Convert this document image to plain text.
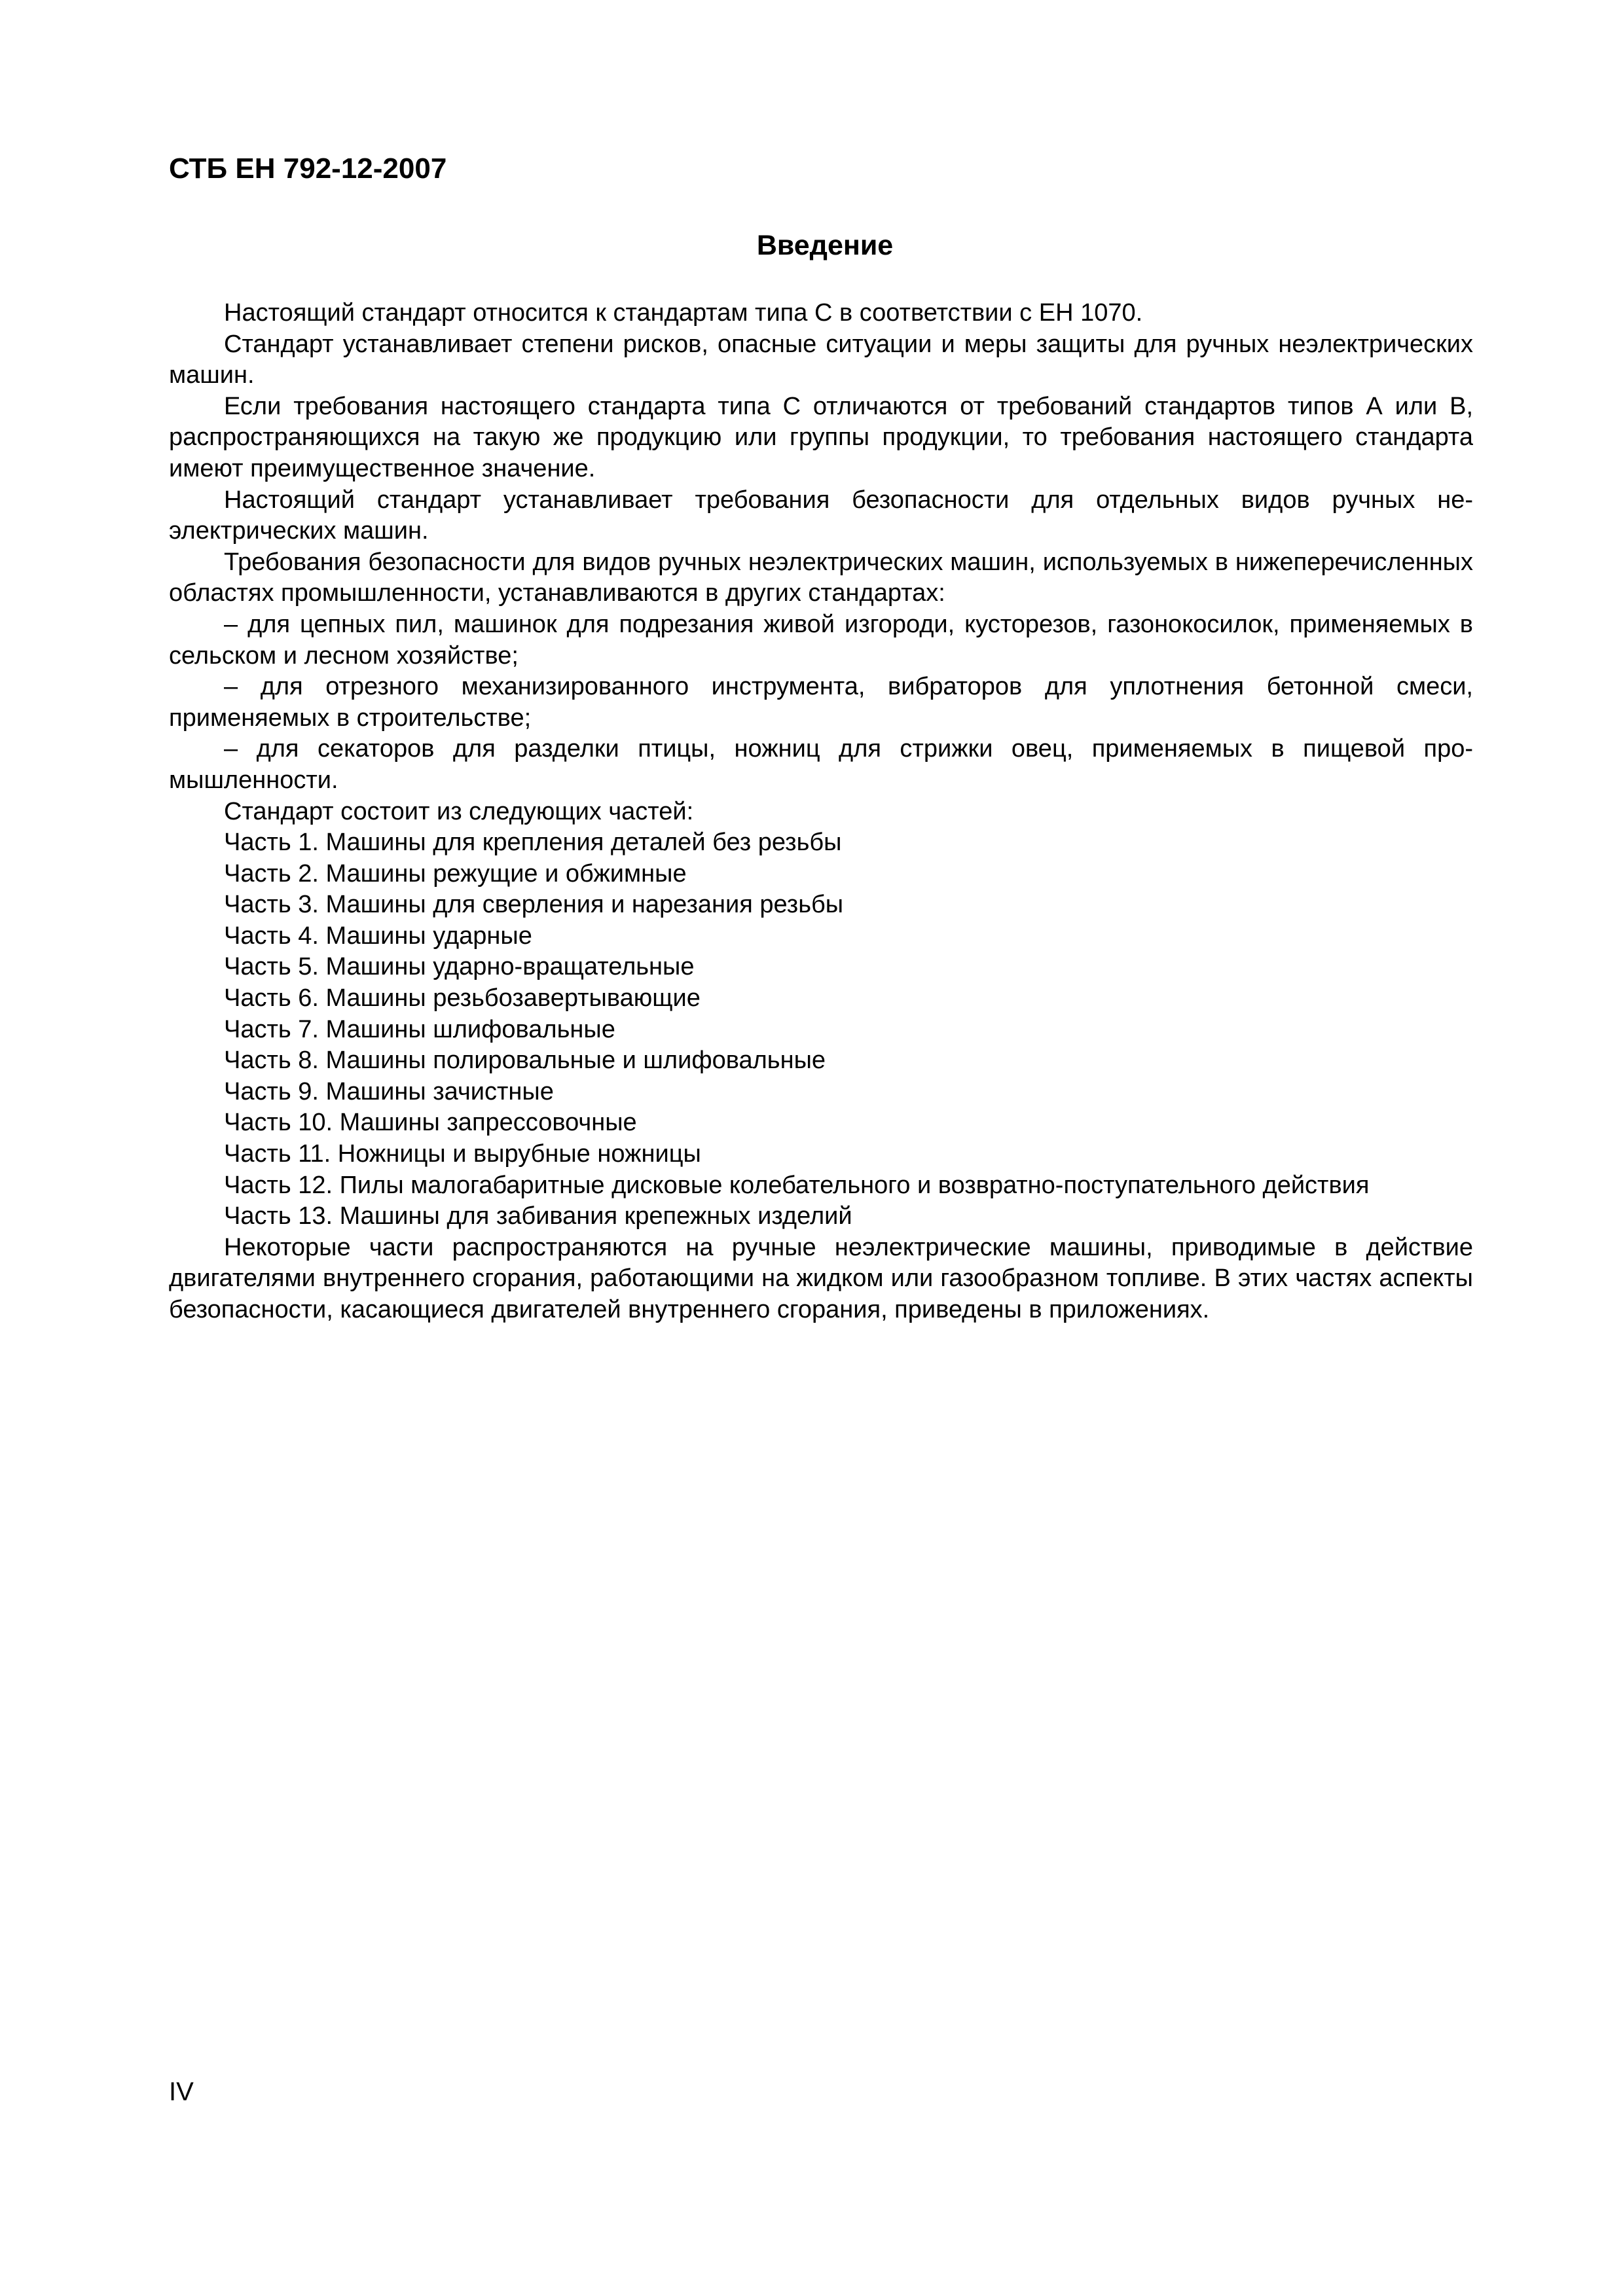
СТБ ЕН 792-12-2007
Введение

Настоящий стандарт относится к стандартам типа С в соответствии с ЕН 1070.

Стандарт устанавливает степени рисков, опасные ситуации и меры защиты для ручных неэлектрических машин.

Если требования настоящего стандарта типа С отличаются от требований стандартов типов А или В, распространяющихся на такую же продукцию или группы продукции, то требования настоящего стандарта имеют преимущественное значение.

Настоящий стандарт устанавливает требования безопасности для отдельных видов ручных неэлектрических машин.

Требования безопасности для видов ручных неэлектрических машин, используемых в нижеперечисленных областях промышленности, устанавливаются в других стандартах:

– для цепных пил, машинок для подрезания живой изгороди, кусторезов, газонокосилок, применяемых в сельском и лесном хозяйстве;

– для отрезного механизированного инструмента, вибраторов для уплотнения бетонной смеси, применяемых в строительстве;

– для секаторов для разделки птицы, ножниц для стрижки овец, применяемых в пищевой промышленности.

Стандарт состоит из следующих частей:

Часть 1. Машины для крепления деталей без резьбы

Часть 2. Машины режущие и обжимные

Часть 3. Машины для сверления и нарезания резьбы

Часть 4. Машины ударные

Часть 5. Машины ударно-вращательные

Часть 6. Машины резьбозавертывающие

Часть 7. Машины шлифовальные

Часть 8. Машины полировальные и шлифовальные

Часть 9. Машины зачистные

Часть 10. Машины запрессовочные

Часть 11. Ножницы и вырубные ножницы

Часть 12. Пилы малогабаритные дисковые колебательного и возвратно-поступательного действия

Часть 13. Машины для забивания крепежных изделий

Некоторые части распространяются на ручные неэлектрические машины, приводимые в действие двигателями внутреннего сгорания, работающими на жидком или газообразном топливе. В этих частях аспекты безопасности, касающиеся двигателей внутреннего сгорания, приведены в приложениях.

IV
